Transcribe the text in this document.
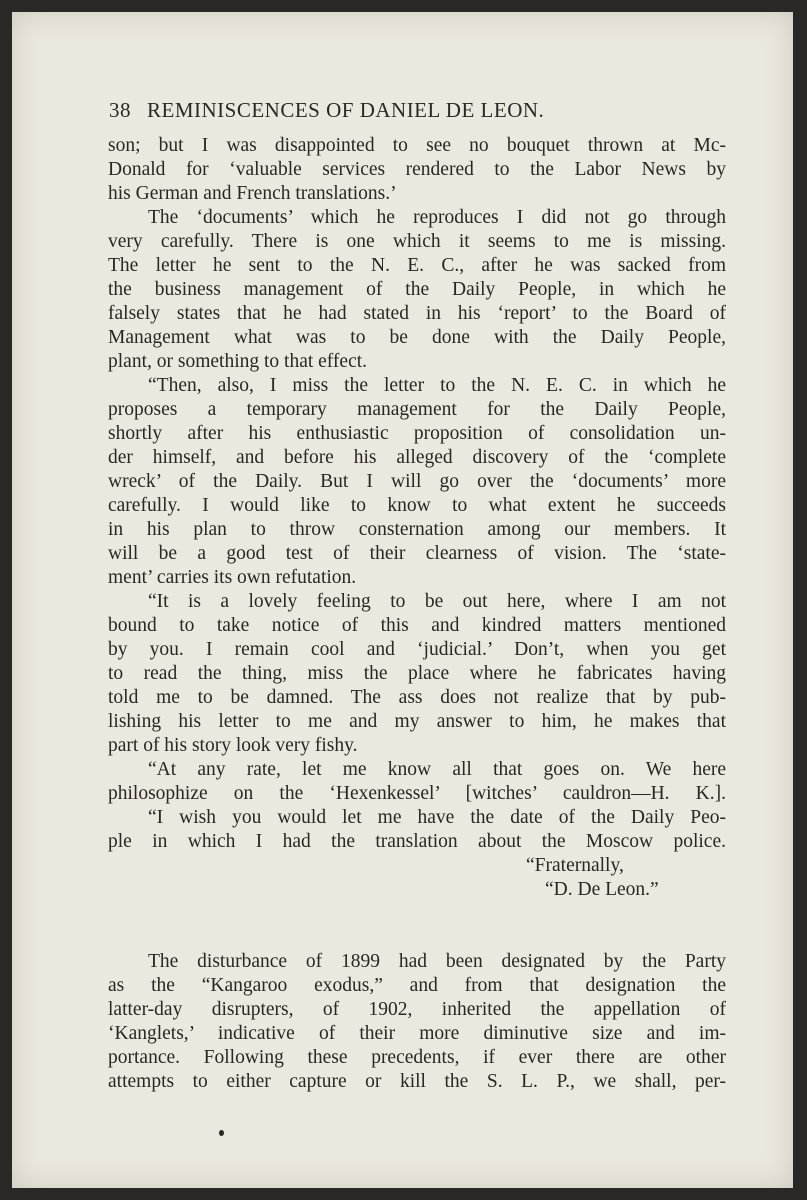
38 REMINISCENCES OF DANIEL DE LEON.
son; but I was disappointed to see no bouquet thrown at Mc-
Donald for ‘valuable services rendered to the Labor News by
his German and French translations.’
The ‘documents’ which he reproduces I did not go through
very carefully. There is one which it seems to me is missing.
The letter he sent to the N. E. C., after he was sacked from
the business management of the Daily People, in which he
falsely states that he had stated in his ‘report’ to the Board of
Management what was to be done with the Daily People,
plant, or something to that effect.
“Then, also, I miss the letter to the N. E. C. in which he
proposes a temporary management for the Daily People,
shortly after his enthusiastic proposition of consolidation un-
der himself, and before his alleged discovery of the ‘complete
wreck’ of the Daily. But I will go over the ‘documents’ more
carefully. I would like to know to what extent he succeeds
in his plan to throw consternation among our members. It
will be a good test of their clearness of vision. The ‘state-
ment’ carries its own refutation.
“It is a lovely feeling to be out here, where I am not
bound to take notice of this and kindred matters mentioned
by you. I remain cool and ‘judicial.’ Don’t, when you get
to read the thing, miss the place where he fabricates having
told me to be damned. The ass does not realize that by pub-
lishing his letter to me and my answer to him, he makes that
part of his story look very fishy.
“At any rate, let me know all that goes on. We here
philosophize on the ‘Hexenkessel’ [witches’ cauldron—H. K.].
“I wish you would let me have the date of the Daily Peo-
ple in which I had the translation about the Moscow police.
“Fraternally,
“D. De Leon.”
The disturbance of 1899 had been designated by the Party
as the “Kangaroo exodus,” and from that designation the
latter-day disrupters, of 1902, inherited the appellation of
‘Kanglets,’ indicative of their more diminutive size and im-
portance. Following these precedents, if ever there are other
attempts to either capture or kill the S. L. P., we shall, per-
